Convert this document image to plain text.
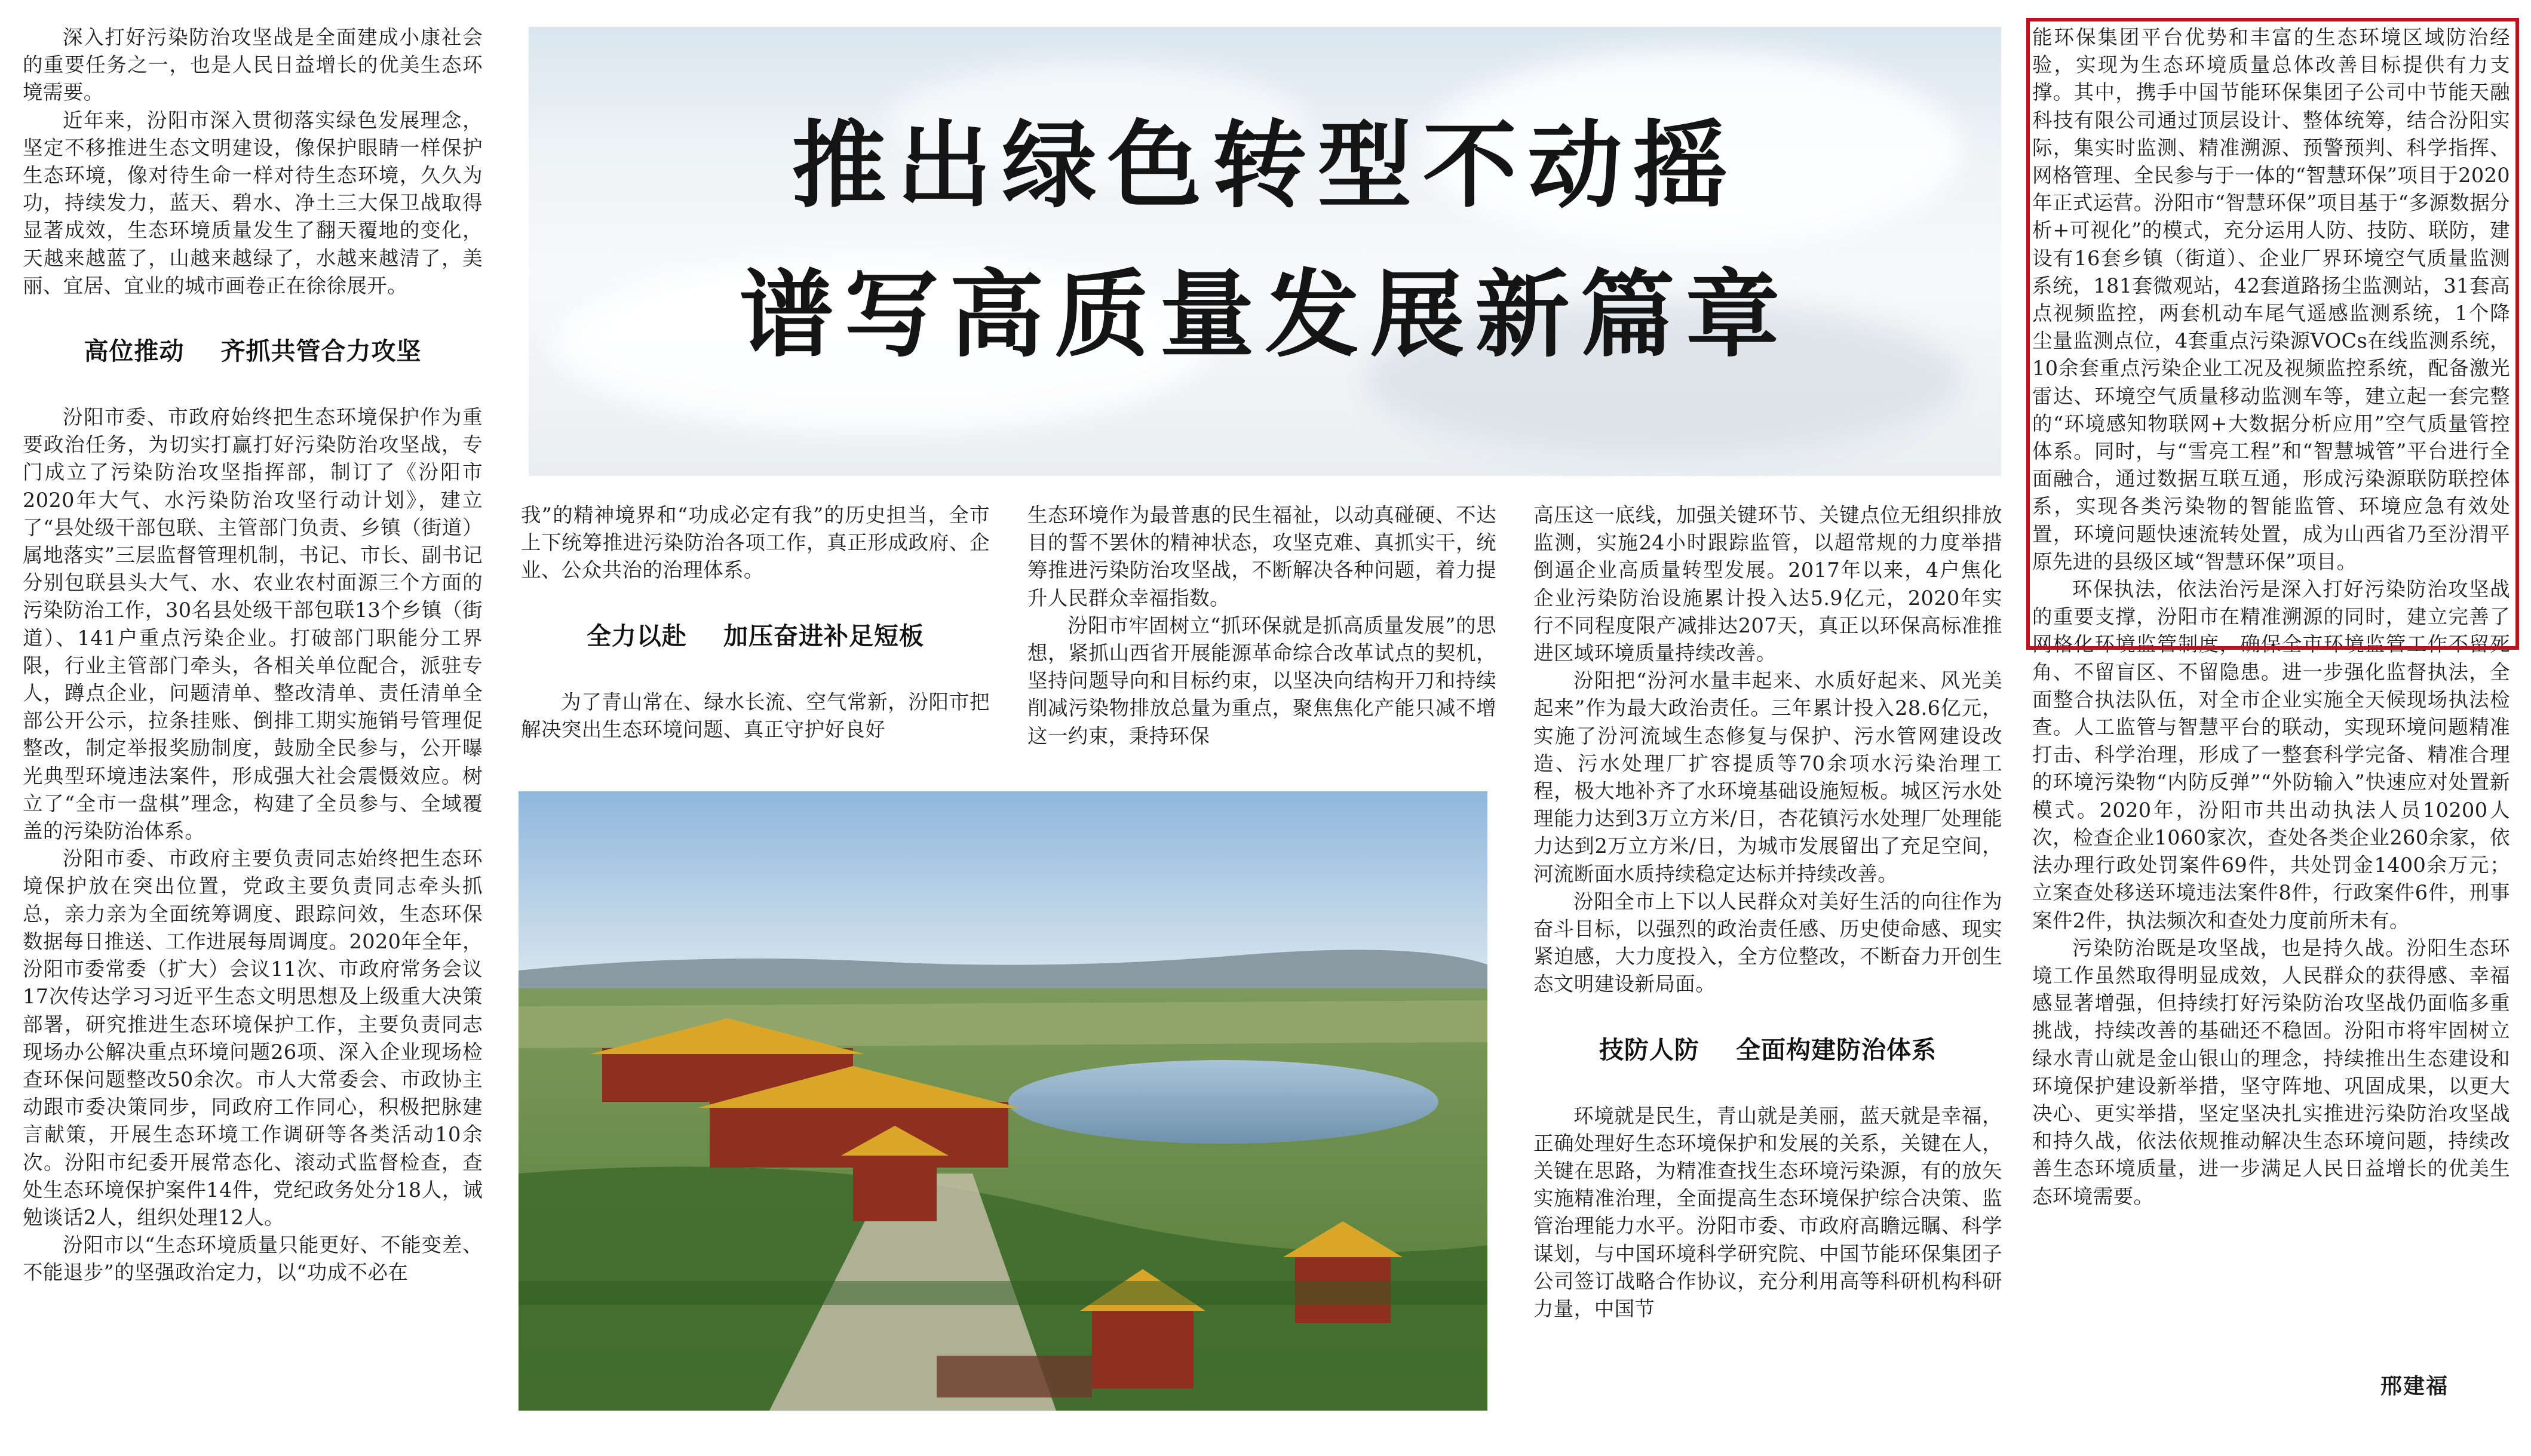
深入打好污染防治攻坚战是全面建成小康社会的重要任务之一，也是人民日益增长的优美生态环境需要。

近年来，汾阳市深入贯彻落实绿色发展理念，坚定不移推进生态文明建设，像保护眼睛一样保护生态环境，像对待生命一样对待生态环境，久久为功，持续发力，蓝天、碧水、净土三大保卫战取得显著成效，生态环境质量发生了翻天覆地的变化，天越来越蓝了，山越来越绿了，水越来越清了，美丽、宜居、宜业的城市画卷正在徐徐展开。

高位推动    齐抓共管合力攻坚

汾阳市委、市政府始终把生态环境保护作为重要政治任务，为切实打赢打好污染防治攻坚战，专门成立了污染防治攻坚指挥部，制订了《汾阳市2020年大气、水污染防治攻坚行动计划》，建立了“县处级干部包联、主管部门负责、乡镇（街道）属地落实”三层监督管理机制，书记、市长、副书记分别包联县头大气、水、农业农村面源三个方面的污染防治工作，30名县处级干部包联13个乡镇（街道）、141户重点污染企业。打破部门职能分工界限，行业主管部门牵头，各相关单位配合，派驻专人，蹲点企业，问题清单、整改清单、责任清单全部公开公示，拉条挂账、倒排工期实施销号管理促整改，制定举报奖励制度，鼓励全民参与，公开曝光典型环境违法案件，形成强大社会震慑效应。树立了“全市一盘棋”理念，构建了全员参与、全域覆盖的污染防治体系。

汾阳市委、市政府主要负责同志始终把生态环境保护放在突出位置，党政主要负责同志牵头抓总，亲力亲为全面统筹调度、跟踪问效，生态环保数据每日推送、工作进展每周调度。2020年全年，汾阳市委常委（扩大）会议11次、市政府常务会议17次传达学习习近平生态文明思想及上级重大决策部署，研究推进生态环境保护工作，主要负责同志现场办公解决重点环境问题26项、深入企业现场检查环保问题整改50余次。市人大常委会、市政协主动跟市委决策同步，同政府工作同心，积极把脉建言献策，开展生态环境工作调研等各类活动10余次。汾阳市纪委开展常态化、滚动式监督检查，查处生态环境保护案件14件，党纪政务处分18人，诫勉谈话2人，组织处理12人。

汾阳市以“生态环境质量只能更好、不能变差、不能退步”的坚强政治定力，以“功成不必在

推出绿色转型不动摇
谱写高质量发展新篇章

我”的精神境界和“功成必定有我”的历史担当，全市上下统筹推进污染防治各项工作，真正形成政府、企业、公众共治的治理体系。

全力以赴    加压奋进补足短板

为了青山常在、绿水长流、空气常新，汾阳市把解决突出生态环境问题、真正守护好良好

生态环境作为最普惠的民生福祉，以动真碰硬、不达目的誓不罢休的精神状态，攻坚克难、真抓实干，统筹推进污染防治攻坚战，不断解决各种问题，着力提升人民群众幸福指数。

汾阳市牢固树立“抓环保就是抓高质量发展”的思想，紧抓山西省开展能源革命综合改革试点的契机，坚持问题导向和目标约束，以坚决向结构开刀和持续削减污染物排放总量为重点，聚焦焦化产能只减不增这一约束，秉持环保

高压这一底线，加强关键环节、关键点位无组织排放监测，实施24小时跟踪监管，以超常规的力度举措倒逼企业高质量转型发展。2017年以来，4户焦化企业污染防治设施累计投入达5.9亿元，2020年实行不同程度限产减排达207天，真正以环保高标准推进区域环境质量持续改善。

汾阳把“汾河水量丰起来、水质好起来、风光美起来”作为最大政治责任。三年累计投入28.6亿元，实施了汾河流域生态修复与保护、污水管网建设改造、污水处理厂扩容提质等70余项水污染治理工程，极大地补齐了水环境基础设施短板。城区污水处理能力达到3万立方米/日，杏花镇污水处理厂处理能力达到2万立方米/日，为城市发展留出了充足空间，河流断面水质持续稳定达标并持续改善。

汾阳全市上下以人民群众对美好生活的向往作为奋斗目标，以强烈的政治责任感、历史使命感、现实紧迫感，大力度投入，全方位整改，不断奋力开创生态文明建设新局面。

技防人防    全面构建防治体系

环境就是民生，青山就是美丽，蓝天就是幸福，正确处理好生态环境保护和发展的关系，关键在人，关键在思路，为精准查找生态环境污染源，有的放矢实施精准治理，全面提高生态环境保护综合决策、监管治理能力水平。汾阳市委、市政府高瞻远瞩、科学谋划，与中国环境科学研究院、中国节能环保集团子公司签订战略合作协议，充分利用高等科研机构科研力量，中国节

能环保集团平台优势和丰富的生态环境区域防治经验，实现为生态环境质量总体改善目标提供有力支撑。其中，携手中国节能环保集团子公司中节能天融科技有限公司通过顶层设计、整体统筹，结合汾阳实际，集实时监测、精准溯源、预警预判、科学指挥、网格管理、全民参与于一体的“智慧环保”项目于2020年正式运营。汾阳市“智慧环保”项目基于“多源数据分析+可视化”的模式，充分运用人防、技防、联防，建设有16套乡镇（街道）、企业厂界环境空气质量监测系统，181套微观站，42套道路扬尘监测站，31套高点视频监控，两套机动车尾气遥感监测系统，1个降尘量监测点位，4套重点污染源VOCs在线监测系统，10余套重点污染企业工况及视频监控系统，配备激光雷达、环境空气质量移动监测车等，建立起一套完整的“环境感知物联网+大数据分析应用”空气质量管控体系。同时，与“雪亮工程”和“智慧城管”平台进行全面融合，通过数据互联互通，形成污染源联防联控体系，实现各类污染物的智能监管、环境应急有效处置，环境问题快速流转处置，成为山西省乃至汾渭平原先进的县级区域“智慧环保”项目。

环保执法，依法治污是深入打好污染防治攻坚战的重要支撑，汾阳市在精准溯源的同时，建立完善了网格化环境监管制度，确保全市环境监管工作不留死角、不留盲区、不留隐患。进一步强化监督执法，全面整合执法队伍，对全市企业实施全天候现场执法检查。人工监管与智慧平台的联动，实现环境问题精准打击、科学治理，形成了一整套科学完备、精准合理的环境污染物“内防反弹”“外防输入”快速应对处置新模式。2020年，汾阳市共出动执法人员10200人次，检查企业1060家次，查处各类企业260余家，依法办理行政处罚案件69件，共处罚金1400余万元；立案查处移送环境违法案件8件，行政案件6件，刑事案件2件，执法频次和查处力度前所未有。

污染防治既是攻坚战，也是持久战。汾阳生态环境工作虽然取得明显成效，人民群众的获得感、幸福感显著增强，但持续打好污染防治攻坚战仍面临多重挑战，持续改善的基础还不稳固。汾阳市将牢固树立绿水青山就是金山银山的理念，持续推出生态建设和环境保护建设新举措，坚守阵地、巩固成果，以更大决心、更实举措，坚定坚决扎实推进污染防治攻坚战和持久战，依法依规推动解决生态环境问题，持续改善生态环境质量，进一步满足人民日益增长的优美生态环境需要。

邢建福
